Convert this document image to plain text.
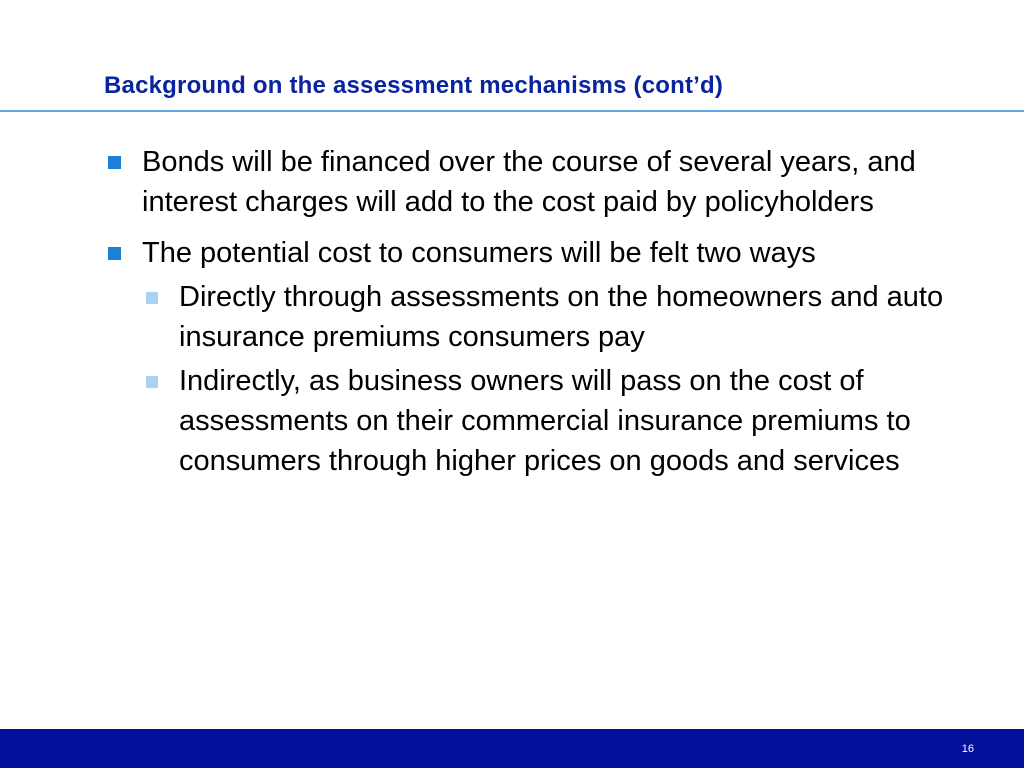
Background on the assessment mechanisms (cont’d)
Bonds will be financed over the course of several years, and interest charges will add to the cost paid by policyholders
The potential cost to consumers will be felt two ways
Directly through assessments on the homeowners and auto insurance premiums consumers pay
Indirectly, as business owners will pass on the cost of assessments on their commercial insurance premiums to consumers through higher prices on goods and services
16
